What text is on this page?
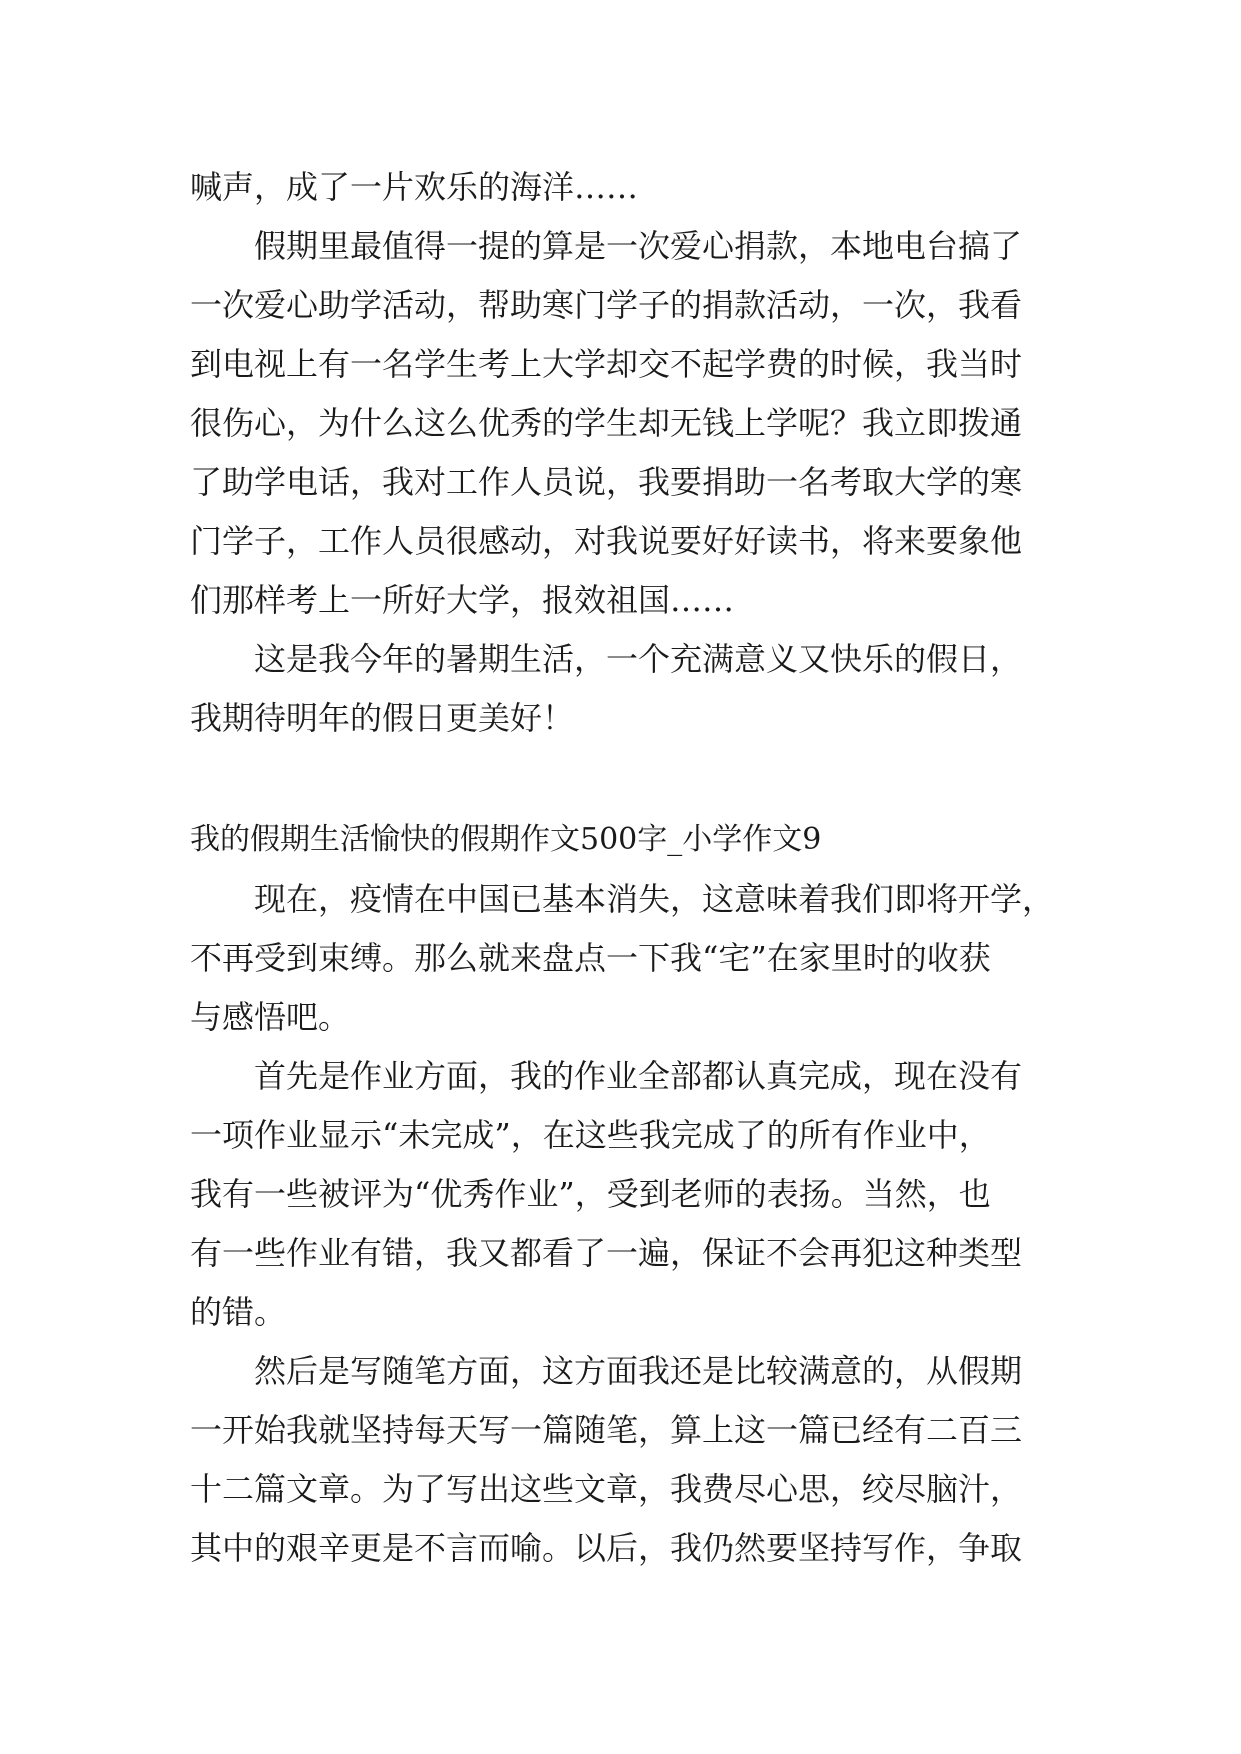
喊声，成了一片欢乐的海洋……
　　假期里最值得一提的算是一次爱心捐款，本地电台搞了
一次爱心助学活动，帮助寒门学子的捐款活动，一次，我看
到电视上有一名学生考上大学却交不起学费的时候，我当时
很伤心，为什么这么优秀的学生却无钱上学呢？我立即拨通
了助学电话，我对工作人员说，我要捐助一名考取大学的寒
门学子，工作人员很感动，对我说要好好读书，将来要象他
们那样考上一所好大学，报效祖国……
　　这是我今年的暑期生活，一个充满意义又快乐的假日，
我期待明年的假日更美好！
我的假期生活愉快的假期作文500字_小学作文9
　　现在，疫情在中国已基本消失，这意味着我们即将开学，
不再受到束缚。那么就来盘点一下我“宅”在家里时的收获
与感悟吧。
　　首先是作业方面，我的作业全部都认真完成，现在没有
一项作业显示“未完成”，在这些我完成了的所有作业中，
我有一些被评为“优秀作业”，受到老师的表扬。当然，也
有一些作业有错，我又都看了一遍，保证不会再犯这种类型
的错。
　　然后是写随笔方面，这方面我还是比较满意的，从假期
一开始我就坚持每天写一篇随笔，算上这一篇已经有二百三
十二篇文章。为了写出这些文章，我费尽心思，绞尽脑汁，
其中的艰辛更是不言而喻。以后，我仍然要坚持写作，争取
